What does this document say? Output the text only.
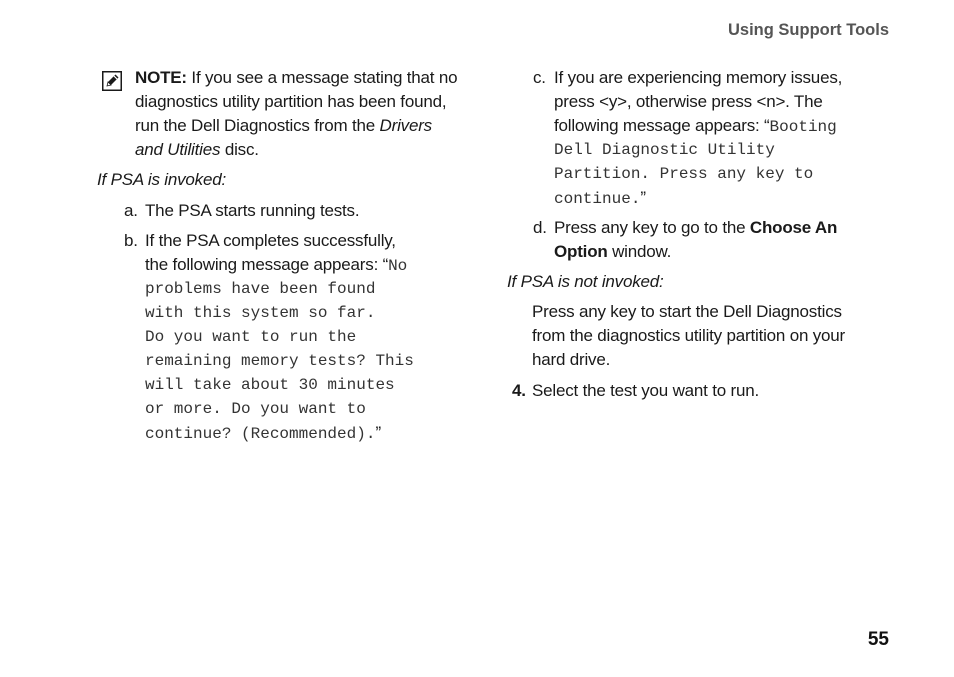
Using Support Tools
NOTE: If you see a message stating that no
diagnostics utility partition has been found,
run the Dell Diagnostics from the Drivers
and Utilities disc.
If PSA is invoked:
a. The PSA starts running tests.
b. If the PSA completes successfully,
the following message appears: “No
problems have been found
with this system so far.
Do you want to run the
remaining memory tests? This
will take about 30 minutes
or more. Do you want to
continue? (Recommended).”
c. If you are experiencing memory issues,
press <y>, otherwise press <n>. The
following message appears: “Booting
Dell Diagnostic Utility
Partition. Press any key to
continue.”
d. Press any key to go to the Choose An
Option window.
If PSA is not invoked:
Press any key to start the Dell Diagnostics
from the diagnostics utility partition on your
hard drive.
4. Select the test you want to run.
55
